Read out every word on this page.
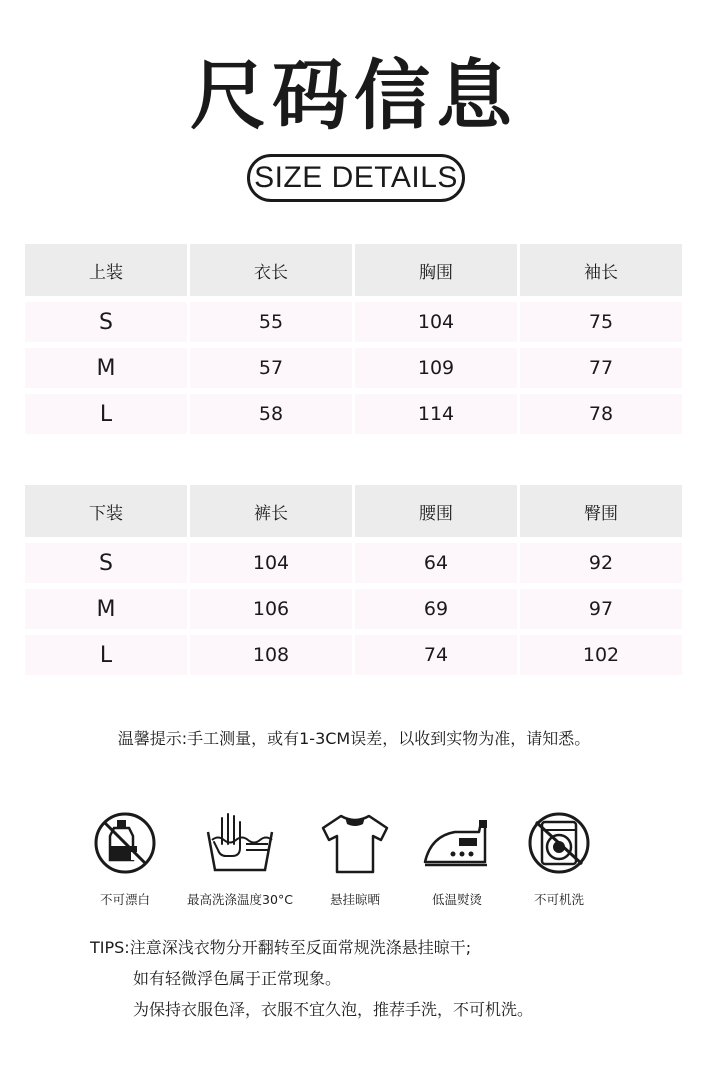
尺码信息
SIZE DETAILS
上装	衣长	胸围	袖长
S	55	104	75
M	57	109	77
L	58	114	78
下装	裤长	腰围	臀围
S	104	64	92
M	106	69	97
L	108	74	102
温馨提示:手工测量，或有1-3CM误差，以收到实物为准，请知悉。
不可漂白	最高洗涤温度30°C	悬挂晾晒	低温熨烫	不可机洗
TIPS:注意深浅衣物分开翻转至反面常规洗涤悬挂晾干;
如有轻微浮色属于正常现象。
为保持衣服色泽，衣服不宜久泡，推荐手洗，不可机洗。
